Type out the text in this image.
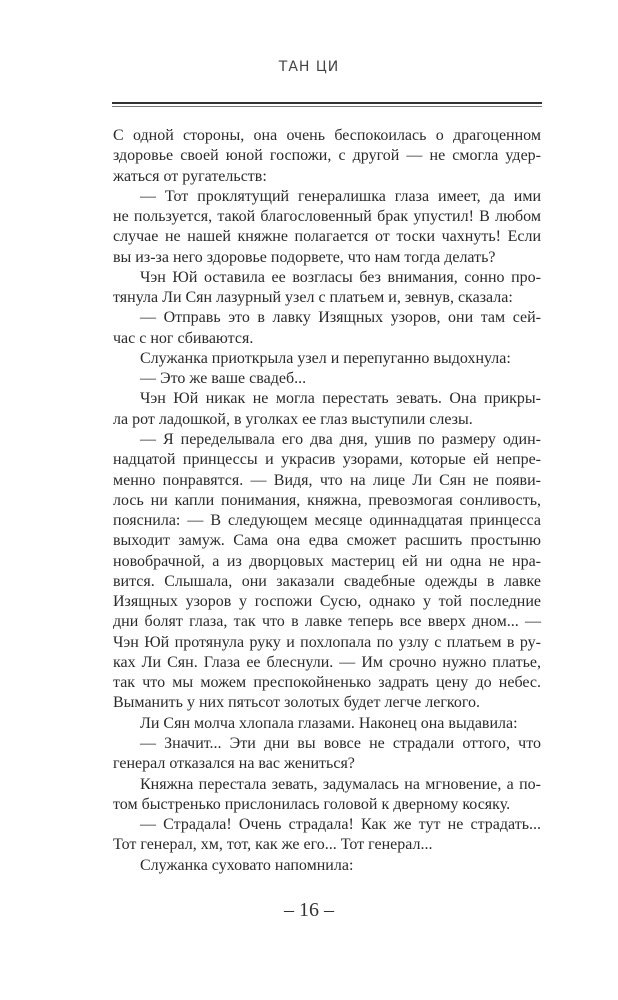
ТАН ЦИ
С одной стороны, она очень беспокоилась о драгоценном
здоровье своей юной госпожи, с другой — не смогла удер-
жаться от ругательств:
— Тот проклятущий генералишка глаза имеет, да ими
не пользуется, такой благословенный брак упустил! В любом
случае не нашей княжне полагается от тоски чахнуть! Если
вы из-за него здоровье подорвете, что нам тогда делать?
Чэн Юй оставила ее возгласы без внимания, сонно про-
тянула Ли Сян лазурный узел с платьем и, зевнув, сказала:
— Отправь это в лавку Изящных узоров, они там сей-
час с ног сбиваются.
Служанка приоткрыла узел и перепуганно выдохнула:
— Это же ваше свадеб...
Чэн Юй никак не могла перестать зевать. Она прикры-
ла рот ладошкой, в уголках ее глаз выступили слезы.
— Я переделывала его два дня, ушив по размеру один-
надцатой принцессы и украсив узорами, которые ей непре-
менно понравятся. — Видя, что на лице Ли Сян не появи-
лось ни капли понимания, княжна, превозмогая сонливость,
пояснила: — В следующем месяце одиннадцатая принцесса
выходит замуж. Сама она едва сможет расшить простыню
новобрачной, а из дворцовых мастериц ей ни одна не нра-
вится. Слышала, они заказали свадебные одежды в лавке
Изящных узоров у госпожи Сусю, однако у той последние
дни болят глаза, так что в лавке теперь все вверх дном... —
Чэн Юй протянула руку и похлопала по узлу с платьем в ру-
ках Ли Сян. Глаза ее блеснули. — Им срочно нужно платье,
так что мы можем преспокойненько задрать цену до небес.
Выманить у них пятьсот золотых будет легче легкого.
Ли Сян молча хлопала глазами. Наконец она выдавила:
— Значит... Эти дни вы вовсе не страдали оттого, что
генерал отказался на вас жениться?
Княжна перестала зевать, задумалась на мгновение, а по-
том быстренько прислонилась головой к дверному косяку.
— Страдала! Очень страдала! Как же тут не страдать...
Тот генерал, хм, тот, как же его... Тот генерал...
Служанка суховато напомнила:
– 16 –
